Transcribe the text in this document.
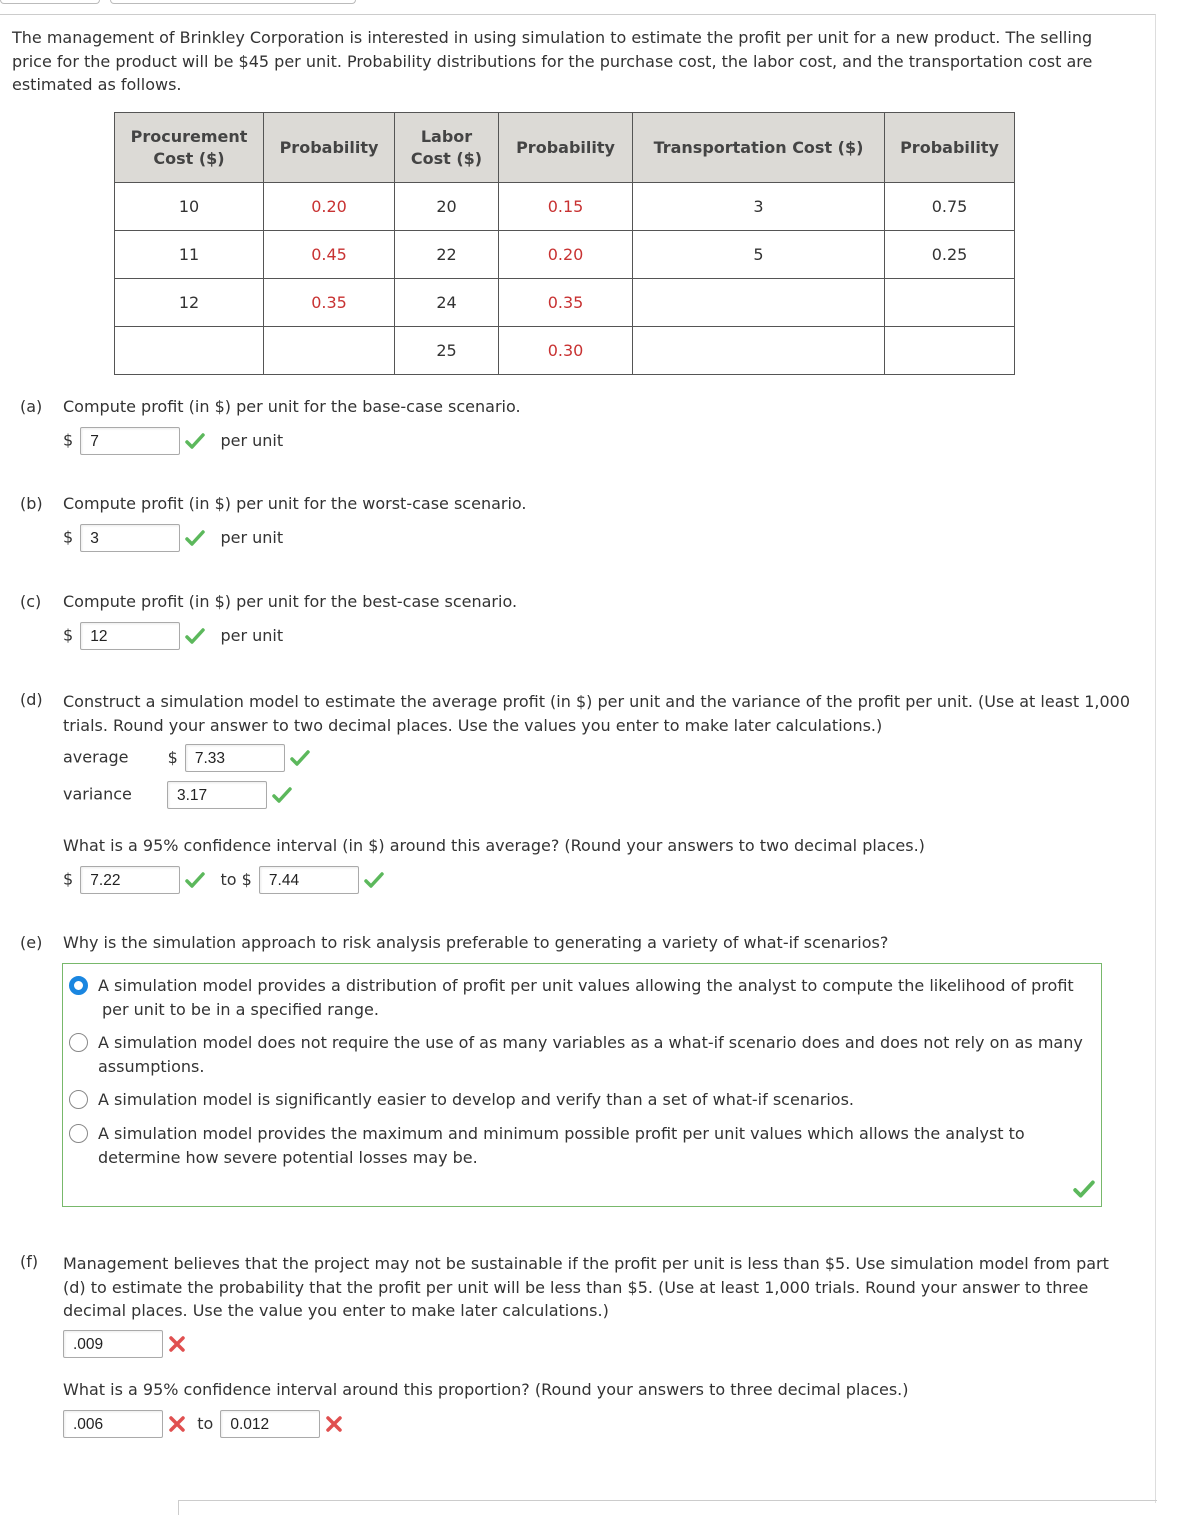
The management of Brinkley Corporation is interested in using simulation to estimate the profit per unit for a new product. The selling price for the product will be $45 per unit. Probability distributions for the purchase cost, the labor cost, and the transportation cost are estimated as follows.
Procurement Cost ($)	Probability	Labor Cost ($)	Probability	Transportation Cost ($)	Probability
10	0.20	20	0.15	3	0.75
11	0.45	22	0.20	5	0.25
12	0.35	24	0.35		
		25	0.30		
(a) Compute profit (in $) per unit for the base-case scenario.
$ 7	per unit
(b) Compute profit (in $) per unit for the worst-case scenario.
$ 3	per unit
(c) Compute profit (in $) per unit for the best-case scenario.
$ 12	per unit
(d)	Construct a simulation model to estimate the average profit (in $) per unit and the variance of the profit per unit. (Use at least 1,000 trials. Round your answer to two decimal places. Use the values you enter to make later calculations.)
average $ 7.33
variance	3.17
What is a 95% confidence interval (in $) around this average? (Round your answers to two decimal places.)
$ 7.22	to $ 7.44
(e) Why is the simulation approach to risk analysis preferable to generating a variety of what-if scenarios?
A simulation model provides a distribution of profit per unit values allowing the analyst to compute the likelihood of profit per unit to be in a specified range.
A simulation model does not require the use of as many variables as a what-if scenario does and does not rely on as many assumptions.
A simulation model is significantly easier to develop and verify than a set of what-if scenarios.
A simulation model provides the maximum and minimum possible profit per unit values which allows the analyst to determine how severe potential losses may be.
(f)	Management believes that the project may not be sustainable if the profit per unit is less than $5. Use simulation model from part (d) to estimate the probability that the profit per unit will be less than $5. (Use at least 1,000 trials. Round your answer to three decimal places. Use the value you enter to make later calculations.)
.009
What is a 95% confidence interval around this proportion? (Round your answers to three decimal places.)
.006	to 0.012
